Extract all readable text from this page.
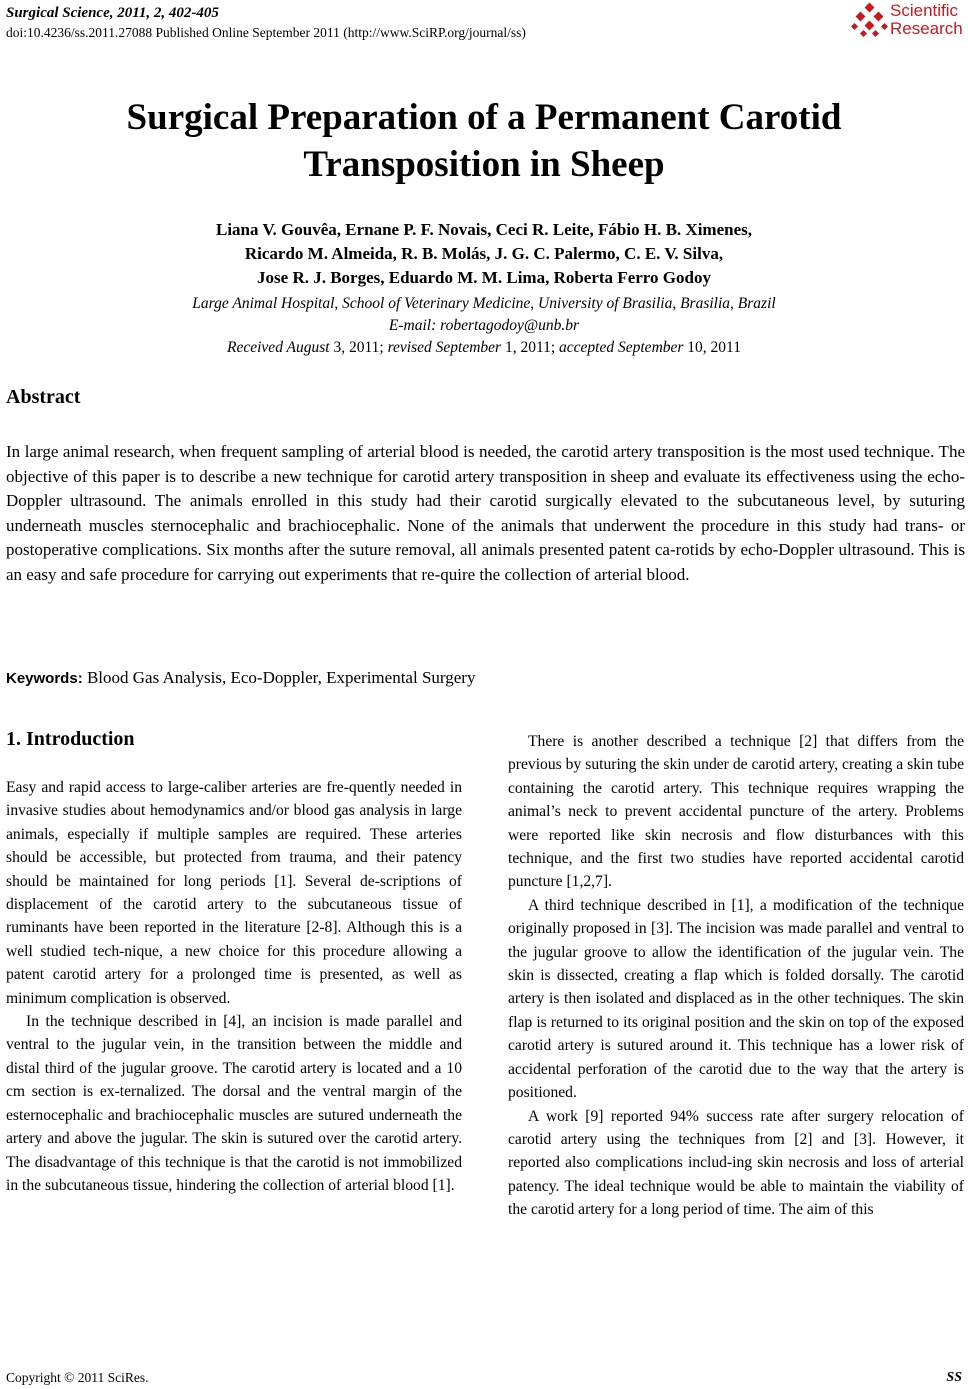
Surgical Science, 2011, 2, 402-405
doi:10.4236/ss.2011.27088 Published Online September 2011 (http://www.SciRP.org/journal/ss)
Scientific
Research
Surgical Preparation of a Permanent Carotid
Transposition in Sheep
Liana V. Gouvêa, Ernane P. F. Novais, Ceci R. Leite, Fábio H. B. Ximenes,
Ricardo M. Almeida, R. B. Molás, J. G. C. Palermo, C. E. V. Silva,
Jose R. J. Borges, Eduardo M. M. Lima, Roberta Ferro Godoy
Large Animal Hospital, School of Veterinary Medicine, University of Brasilia, Brasilia, Brazil
E-mail: robertagodoy@unb.br
Received August 3, 2011; revised September 1, 2011; accepted September 10, 2011
Abstract
In large animal research, when frequent sampling of arterial blood is needed, the carotid artery transposition is the most used technique. The objective of this paper is to describe a new technique for carotid artery transposition in sheep and evaluate its effectiveness using the echo-Doppler ultrasound. The animals enrolled in this study had their carotid surgically elevated to the subcutaneous level, by suturing underneath muscles sternocephalic and brachiocephalic. None of the animals that underwent the procedure in this study had trans- or postoperative complications. Six months after the suture removal, all animals presented patent ca-rotids by echo-Doppler ultrasound. This is an easy and safe procedure for carrying out experiments that re-quire the collection of arterial blood.
Keywords: Blood Gas Analysis, Eco-Doppler, Experimental Surgery
1. Introduction

Easy and rapid access to large-caliber arteries are fre-quently needed in invasive studies about hemodynamics and/or blood gas analysis in large animals, especially if multiple samples are required. These arteries should be accessible, but protected from trauma, and their patency should be maintained for long periods [1]. Several de-scriptions of displacement of the carotid artery to the subcutaneous tissue of ruminants have been reported in the literature [2-8]. Although this is a well studied tech-nique, a new choice for this procedure allowing a patent carotid artery for a prolonged time is presented, as well as minimum complication is observed.

In the technique described in [4], an incision is made parallel and ventral to the jugular vein, in the transition between the middle and distal third of the jugular groove. The carotid artery is located and a 10 cm section is ex-ternalized. The dorsal and the ventral margin of the esternocephalic and brachiocephalic muscles are sutured underneath the artery and above the jugular. The skin is sutured over the carotid artery. The disadvantage of this technique is that the carotid is not immobilized in the subcutaneous tissue, hindering the collection of arterial blood [1].

There is another described a technique [2] that differs from the previous by suturing the skin under de carotid artery, creating a skin tube containing the carotid artery. This technique requires wrapping the animal’s neck to prevent accidental puncture of the artery. Problems were reported like skin necrosis and flow disturbances with this technique, and the first two studies have reported accidental carotid puncture [1,2,7].

A third technique described in [1], a modification of the technique originally proposed in [3]. The incision was made parallel and ventral to the jugular groove to allow the identification of the jugular vein. The skin is dissected, creating a flap which is folded dorsally. The carotid artery is then isolated and displaced as in the other techniques. The skin flap is returned to its original position and the skin on top of the exposed carotid artery is sutured around it. This technique has a lower risk of accidental perforation of the carotid due to the way that the artery is positioned.

A work [9] reported 94% success rate after surgery relocation of carotid artery using the techniques from [2] and [3]. However, it reported also complications includ-ing skin necrosis and loss of arterial patency. The ideal technique would be able to maintain the viability of the carotid artery for a long period of time. The aim of this

Copyright © 2011 SciRes.	SS
